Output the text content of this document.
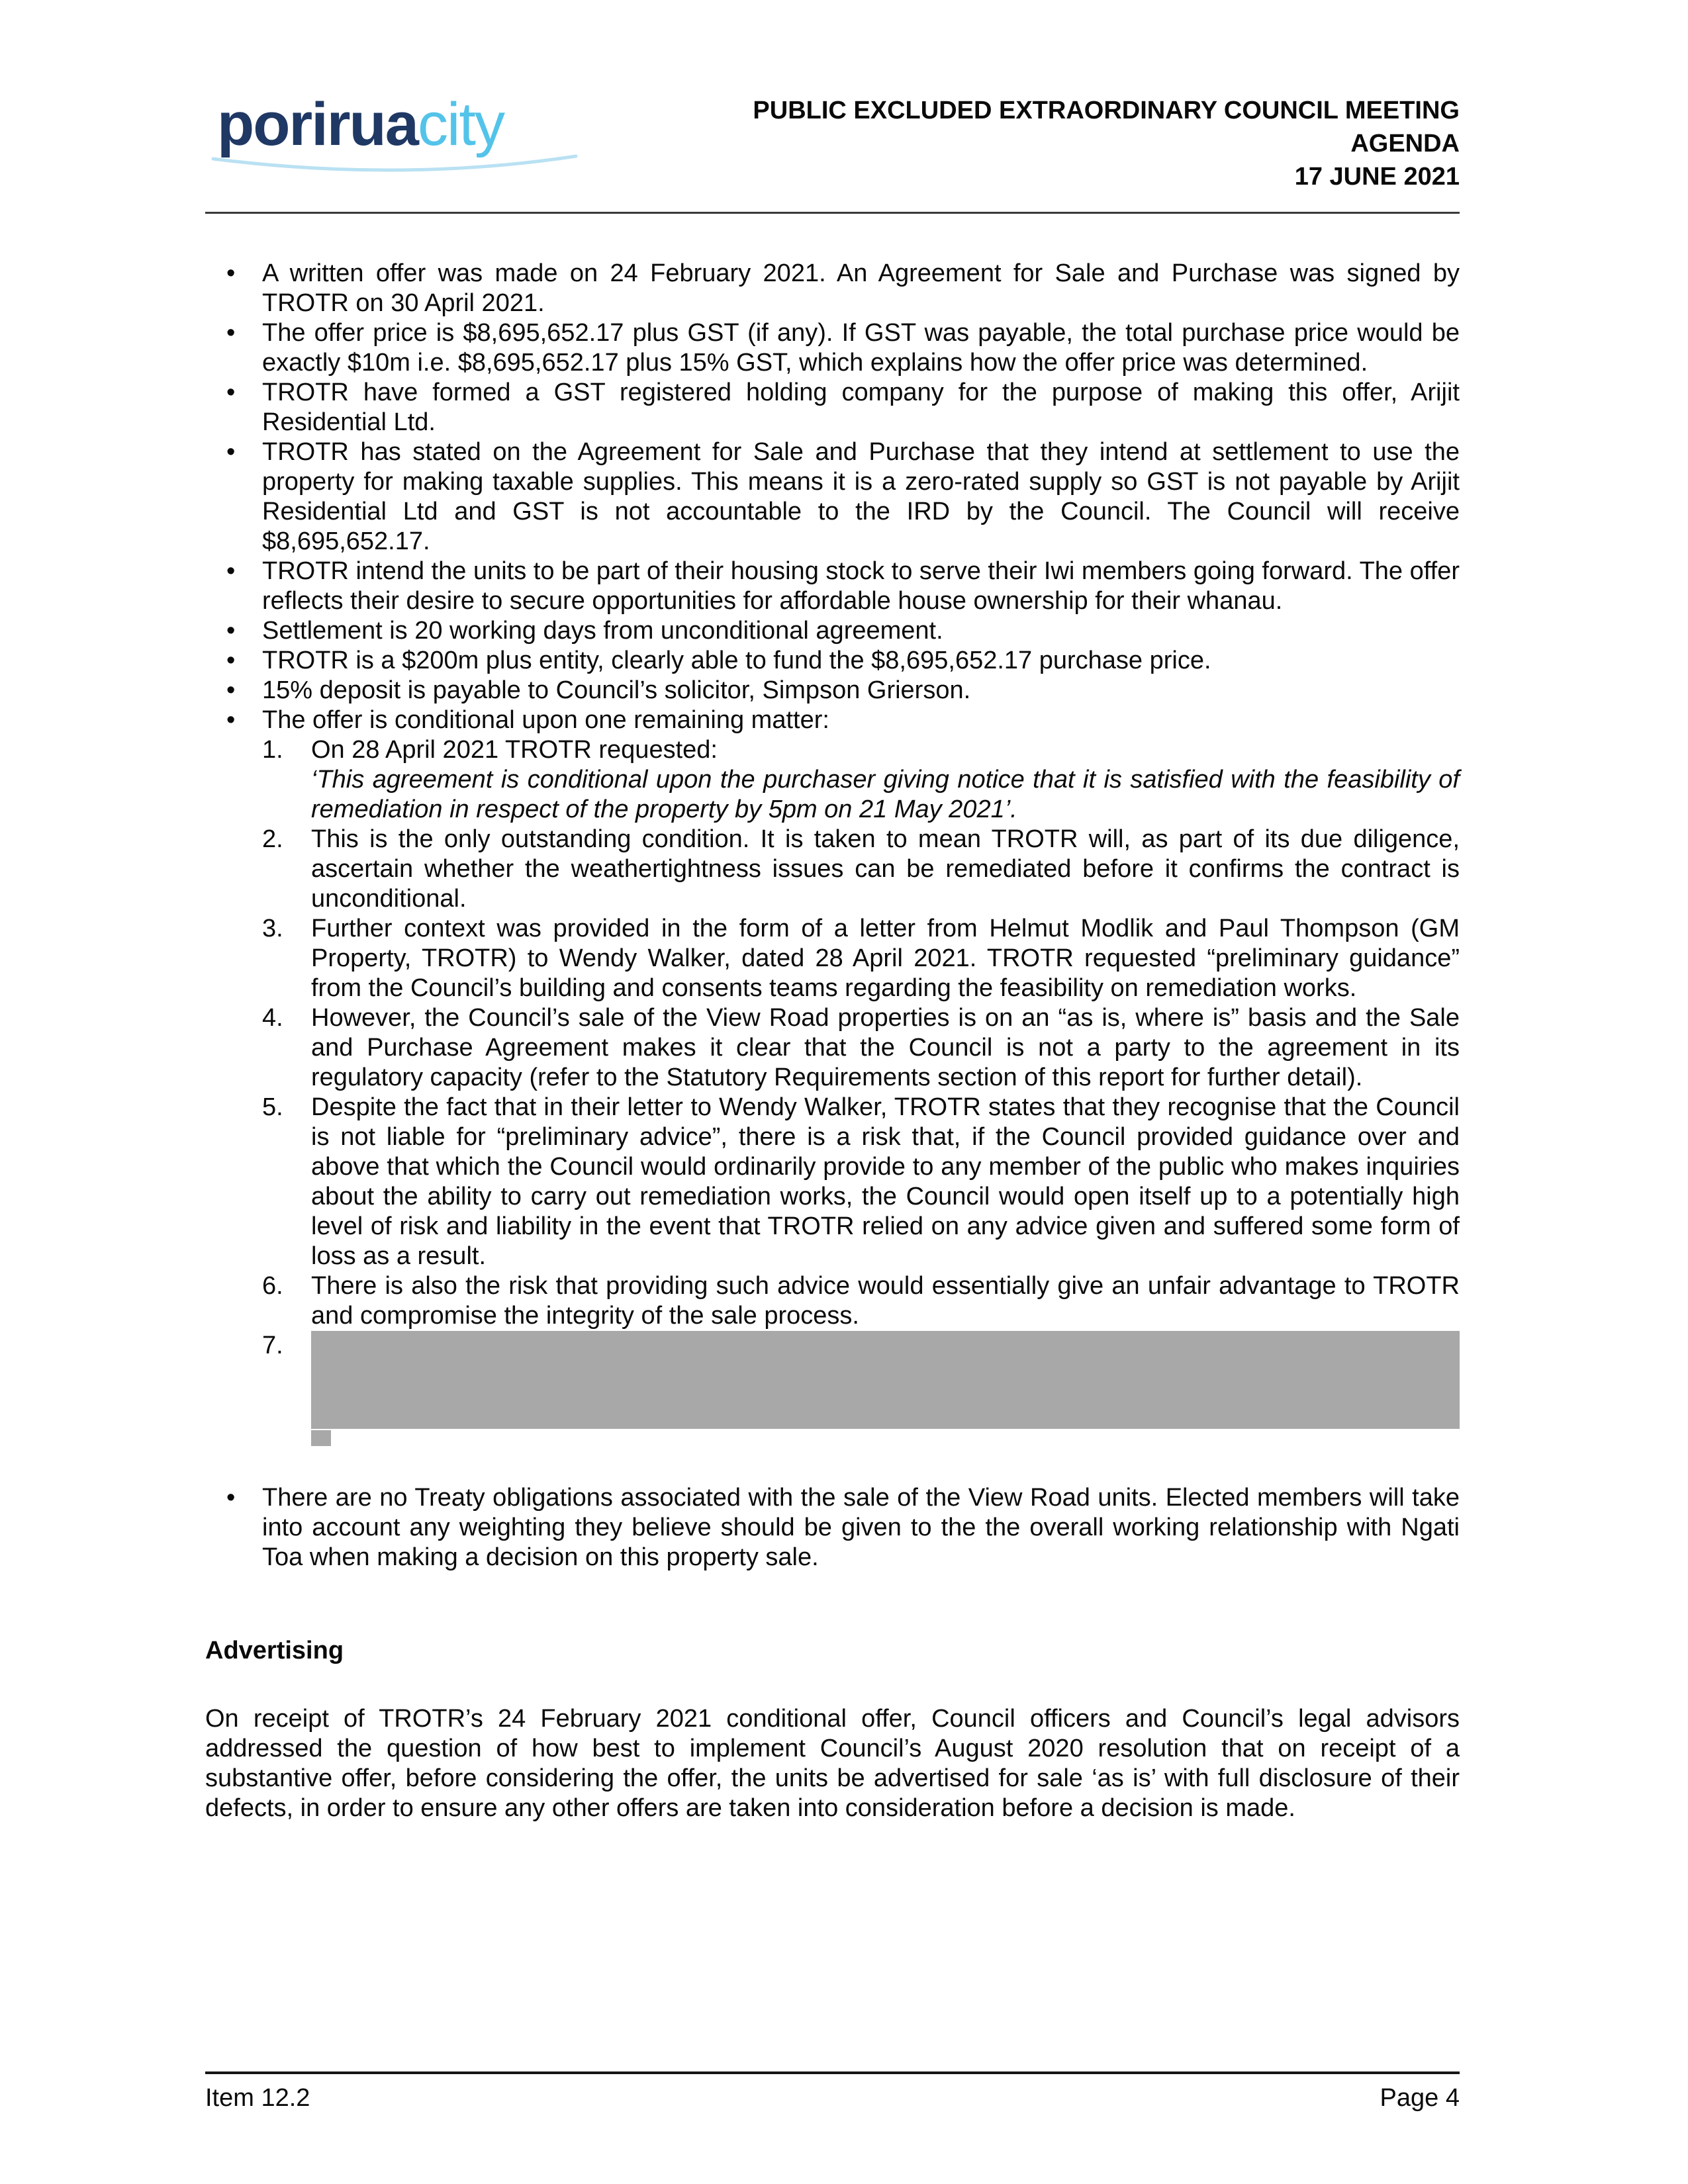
poriruacity	PUBLIC EXCLUDED EXTRAORDINARY COUNCIL MEETING
AGENDA
17 JUNE 2021
• A written offer was made on 24 February 2021. An Agreement for Sale and Purchase was signed by TROTR on 30 April 2021.
• The offer price is $8,695,652.17 plus GST (if any). If GST was payable, the total purchase price would be exactly $10m i.e. $8,695,652.17 plus 15% GST, which explains how the offer price was determined.
• TROTR have formed a GST registered holding company for the purpose of making this offer, Arijit Residential Ltd.
• TROTR has stated on the Agreement for Sale and Purchase that they intend at settlement to use the property for making taxable supplies. This means it is a zero-rated supply so GST is not payable by Arijit Residential Ltd and GST is not accountable to the IRD by the Council. The Council will receive $8,695,652.17.
• TROTR intend the units to be part of their housing stock to serve their Iwi members going forward. The offer reflects their desire to secure opportunities for affordable house ownership for their whanau.
• Settlement is 20 working days from unconditional agreement.
• TROTR is a $200m plus entity, clearly able to fund the $8,695,652.17 purchase price.
• 15% deposit is payable to Council’s solicitor, Simpson Grierson.
• The offer is conditional upon one remaining matter:
1. On 28 April 2021 TROTR requested:
‘This agreement is conditional upon the purchaser giving notice that it is satisfied with the feasibility of remediation in respect of the property by 5pm on 21 May 2021’.
2. This is the only outstanding condition. It is taken to mean TROTR will, as part of its due diligence, ascertain whether the weathertightness issues can be remediated before it confirms the contract is unconditional.
3. Further context was provided in the form of a letter from Helmut Modlik and Paul Thompson (GM Property, TROTR) to Wendy Walker, dated 28 April 2021. TROTR requested “preliminary guidance” from the Council’s building and consents teams regarding the feasibility on remediation works.
4. However, the Council’s sale of the View Road properties is on an “as is, where is” basis and the Sale and Purchase Agreement makes it clear that the Council is not a party to the agreement in its regulatory capacity (refer to the Statutory Requirements section of this report for further detail).
5. Despite the fact that in their letter to Wendy Walker, TROTR states that they recognise that the Council is not liable for “preliminary advice”, there is a risk that, if the Council provided guidance over and above that which the Council would ordinarily provide to any member of the public who makes inquiries about the ability to carry out remediation works, the Council would open itself up to a potentially high level of risk and liability in the event that TROTR relied on any advice given and suffered some form of loss as a result.
6. There is also the risk that providing such advice would essentially give an unfair advantage to TROTR and compromise the integrity of the sale process.
7.
• There are no Treaty obligations associated with the sale of the View Road units. Elected members will take into account any weighting they believe should be given to the the overall working relationship with Ngati Toa when making a decision on this property sale.
Advertising
On receipt of TROTR’s 24 February 2021 conditional offer, Council officers and Council’s legal advisors addressed the question of how best to implement Council’s August 2020 resolution that on receipt of a substantive offer, before considering the offer, the units be advertised for sale ‘as is’ with full disclosure of their defects, in order to ensure any other offers are taken into consideration before a decision is made.
Item 12.2	Page 4
